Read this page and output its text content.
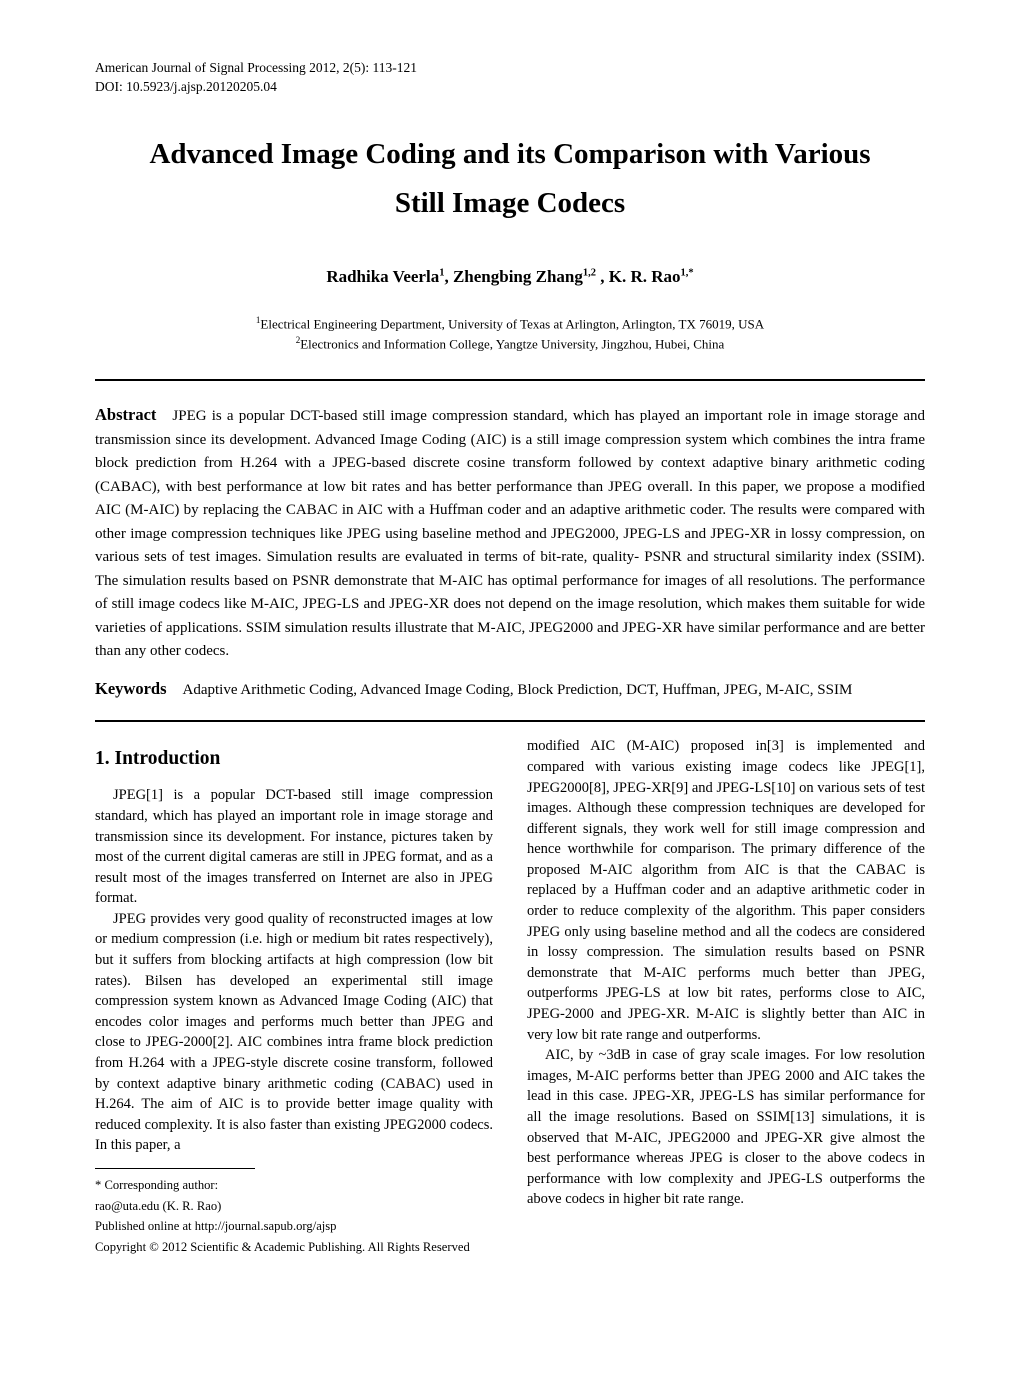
American Journal of Signal Processing 2012, 2(5): 113-121
DOI: 10.5923/j.ajsp.20120205.04
Advanced Image Coding and its Comparison with Various
Still Image Codecs
Radhika Veerla$^1$, Zhengbing Zhang$^{1,2}$ , K. R. Rao$^{1,*}$
$^1$Electrical Engineering Department, University of Texas at Arlington, Arlington, TX 76019, USA
$^2$Electronics and Information College, Yangtze University, Jingzhou, Hubei, China

Abstract JPEG is a popular DCT-based still image compression standard, which has played an important role in image storage and transmission since its development. Advanced Image Coding (AIC) is a still image compression system which combines the intra frame block prediction from H.264 with a JPEG-based discrete cosine transform followed by context adaptive binary arithmetic coding (CABAC), with best performance at low bit rates and has better performance than JPEG overall. In this paper, we propose a modified AIC (M-AIC) by replacing the CABAC in AIC with a Huffman coder and an adaptive arithmetic coder. The results were compared with other image compression techniques like JPEG using baseline method and JPEG2000, JPEG-LS and JPEG-XR in lossy compression, on various sets of test images. Simulation results are evaluated in terms of bit-rate, quality- PSNR and structural similarity index (SSIM). The simulation results based on PSNR demonstrate that M-AIC has optimal performance for images of all resolutions. The performance of still image codecs like M-AIC, JPEG-LS and JPEG-XR does not depend on the image resolution, which makes them suitable for wide varieties of applications. SSIM simulation results illustrate that M-AIC, JPEG2000 and JPEG-XR have similar performance and are better than any other codecs.

Keywords Adaptive Arithmetic Coding, Advanced Image Coding, Block Prediction, DCT, Huffman, JPEG, M-AIC, SSIM

1. Introduction

JPEG[1] is a popular DCT-based still image compression standard, which has played an important role in image storage and transmission since its development. For instance, pictures taken by most of the current digital cameras are still in JPEG format, and as a result most of the images transferred on Internet are also in JPEG format.

JPEG provides very good quality of reconstructed images at low or medium compression (i.e. high or medium bit rates respectively), but it suffers from blocking artifacts at high compression (low bit rates). Bilsen has developed an experimental still image compression system known as Advanced Image Coding (AIC) that encodes color images and performs much better than JPEG and close to JPEG-2000[2]. AIC combines intra frame block prediction from H.264 with a JPEG-style discrete cosine transform, followed by context adaptive binary arithmetic coding (CABAC) used in H.264. The aim of AIC is to provide better image quality with reduced complexity. It is also faster than existing JPEG2000 codecs. In this paper, a

* Corresponding author:
rao@uta.edu (K. R. Rao)
Published online at http://journal.sapub.org/ajsp
Copyright © 2012 Scientific & Academic Publishing. All Rights Reserved

modified AIC (M-AIC) proposed in[3] is implemented and compared with various existing image codecs like JPEG[1], JPEG2000[8], JPEG-XR[9] and JPEG-LS[10] on various sets of test images. Although these compression techniques are developed for different signals, they work well for still image compression and hence worthwhile for comparison. The primary difference of the proposed M-AIC algorithm from AIC is that the CABAC is replaced by a Huffman coder and an adaptive arithmetic coder in order to reduce complexity of the algorithm. This paper considers JPEG only using baseline method and all the codecs are considered in lossy compression. The simulation results based on PSNR demonstrate that M-AIC performs much better than JPEG, outperforms JPEG-LS at low bit rates, performs close to AIC, JPEG-2000 and JPEG-XR. M-AIC is slightly better than AIC in very low bit rate range and outperforms.

AIC, by ~3dB in case of gray scale images. For low resolution images, M-AIC performs better than JPEG 2000 and AIC takes the lead in this case. JPEG-XR, JPEG-LS has similar performance for all the image resolutions. Based on SSIM[13] simulations, it is observed that M-AIC, JPEG2000 and JPEG-XR give almost the best performance whereas JPEG is closer to the above codecs in performance with low complexity and JPEG-LS outperforms the above codecs in higher bit rate range.
